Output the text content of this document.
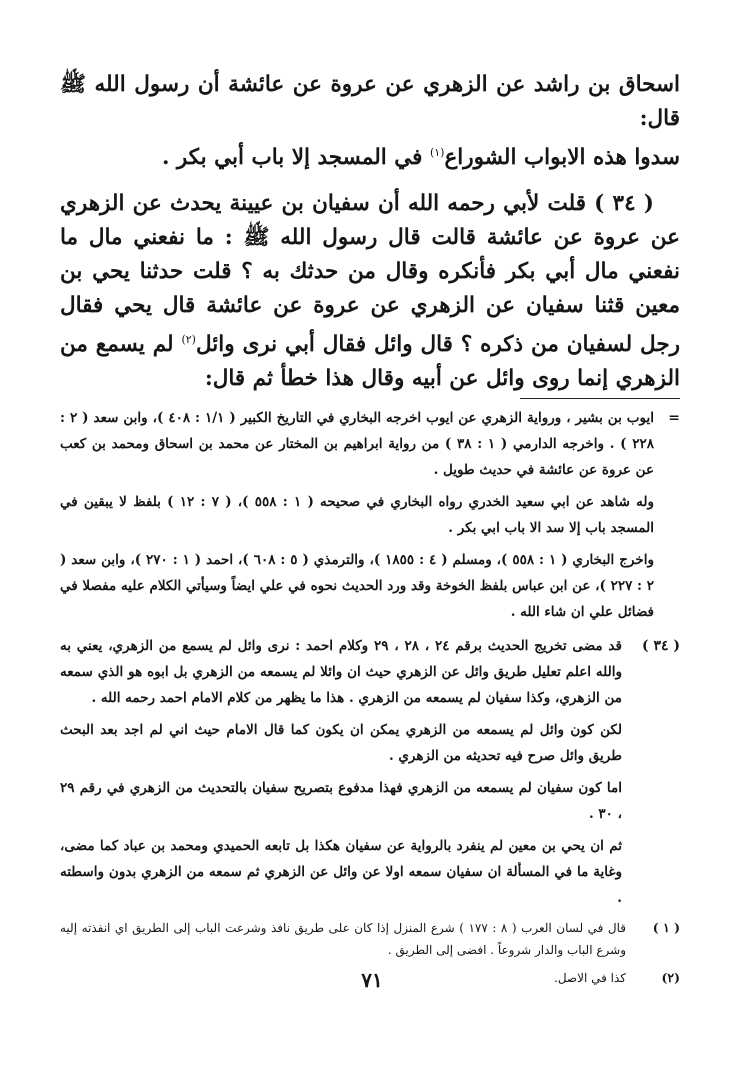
اسحاق بن راشد عن الزهري عن عروة عن عائشة أن رسول الله ﷺ قال:
سدوا هذه الابواب الشوراع$^{(١)}$ في المسجد إلا باب أبي بكر .

( ٣٤ ) قلت لأبي رحمه الله أن سفيان بن عيينة يحدث عن الزهري عن عروة عن عائشة قالت قال رسول الله ﷺ : ما نفعني مال ما نفعني مال أبي بكر فأنكره وقال من حدثك به ؟ قلت حدثنا يحي بن معين قثنا سفيان عن الزهري عن عروة عن عائشة قال يحي فقال رجل لسفيان من ذكره ؟ قال وائل فقال أبي نرى وائل$^{(٢)}$ لم يسمع من الزهري إنما روى وائل عن أبيه وقال هذا خطأ ثم قال:

=

ايوب بن بشير ، ورواية الزهري عن ايوب اخرجه البخاري في التاريخ الكبير ( ١/١ : ٤٠٨ )، وابن سعد ( ٢ : ٢٢٨ ) . واخرجه الدارمي ( ١ : ٣٨ ) من رواية ابراهيم بن المختار عن محمد بن اسحاق ومحمد بن كعب عن عروة عن عائشة في حديث طويل .

وله شاهد عن ابي سعيد الخدري رواه البخاري في صحيحه ( ١ : ٥٥٨ )، ( ٧ : ١٢ ) بلفظ لا يبقين في المسجد باب إلا سد الا باب ابي بكر .

واخرج البخاري ( ١ : ٥٥٨ )، ومسلم ( ٤ : ١٨٥٥ )، والترمذي ( ٥ : ٦٠٨ )، احمد ( ١ : ٢٧٠ )، وابن سعد ( ٢ : ٢٢٧ )، عن ابن عباس بلفظ الخوخة وقد ورد الحديث نحوه في علي ايضاً وسيأتي الكلام عليه مفصلا في فضائل علي ان شاء الله .

( ٣٤ )

قد مضى تخريج الحديث برقم ٢٤ ، ٢٨ ، ٢٩ وكلام احمد : نرى وائل لم يسمع من الزهري، يعني به والله اعلم تعليل طريق وائل عن الزهري حيث ان وائلا لم يسمعه من الزهري بل ابوه هو الذي سمعه من الزهري، وكذا سفيان لم يسمعه من الزهري . هذا ما يظهر من كلام الامام احمد رحمه الله .

لكن كون وائل لم يسمعه من الزهري يمكن ان يكون كما قال الامام حيث اني لم اجد بعد البحث طريق وائل صرح فيه تحديثه من الزهري .

اما كون سفيان لم يسمعه من الزهري فهذا مدفوع بتصريح سفيان بالتحديث من الزهري في رقم ٢٩ ، ٣٠ .

ثم ان يحي بن معين لم ينفرد بالرواية عن سفيان هكذا بل تابعه الحميدي ومحمد بن عباد كما مضى، وغاية ما في المسألة ان سفيان سمعه اولا عن وائل عن الزهري ثم سمعه من الزهري بدون واسطته .

( ١ )
قال في لسان العرب ( ٨ : ١٧٧ ) شرع المنزل إذا كان على طريق نافذ وشرعت الباب إلى الطريق اي انفذته إليه وشرع الباب والدار شروعاً . افضى إلى الطريق .
(٢)
كذا في الاصل.
٧١
